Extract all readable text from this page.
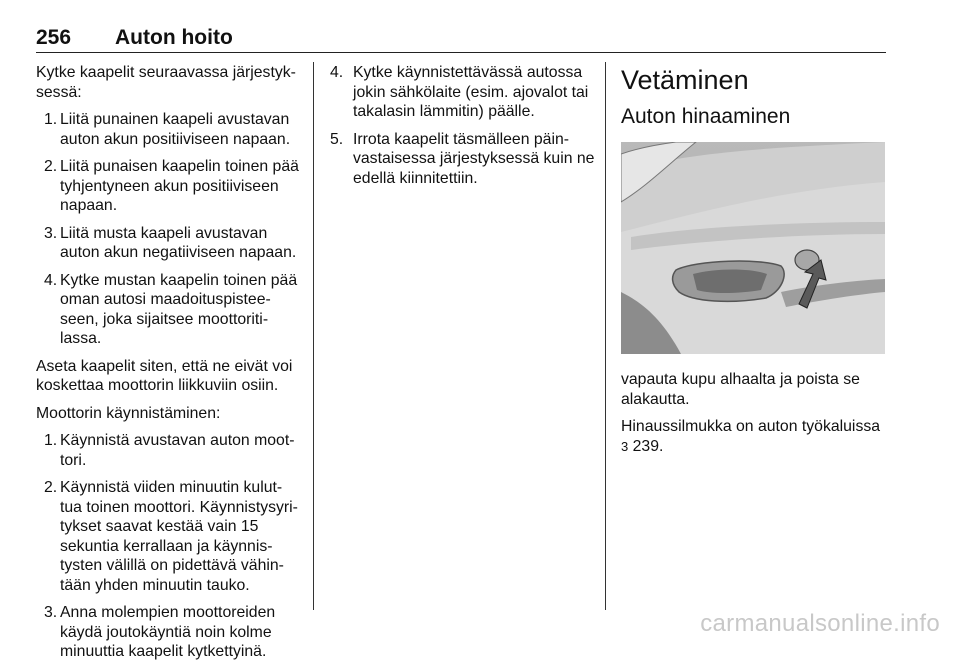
256 Auton hoito

Kytke kaapelit seuraavassa järjestyk-sessä:

1. Liitä punainen kaapeli avustavan auton akun positiiviseen napaan.
2. Liitä punaisen kaapelin toinen pää tyhjentyneen akun positiiviseen napaan.
3. Liitä musta kaapeli avustavan auton akun negatiiviseen napaan.
4. Kytke mustan kaapelin toinen pää oman autosi maadoituspistee-seen, joka sijaitsee moottoriti-lassa.

Aseta kaapelit siten, että ne eivät voi koskettaa moottorin liikkuviin osiin.

Moottorin käynnistäminen:

1. Käynnistä avustavan auton moot-tori.
2. Käynnistä viiden minuutin kulut-tua toinen moottori. Käynnistysyri-tykset saavat kestää vain 15 sekuntia kerrallaan ja käynnis-tysten välillä on pidettävä vähin-tään yhden minuutin tauko.
3. Anna molempien moottoreiden käydä joutokäyntiä noin kolme minuuttia kaapelit kytkettyinä.
4. Kytke käynnistettävässä autossa jokin sähkölaite (esim. ajovalot tai takalasin lämmitin) päälle.
5. Irrota kaapelit täsmälleen päin-vastaisessa järjestyksessä kuin ne edellä kiinnitettiin.
Vetäminen
Auton hinaaminen

vapauta kupu alhaalta ja poista se alakautta.

Hinaussilmukka on auton työkaluissa
3 239.

carmanualsonline.info
